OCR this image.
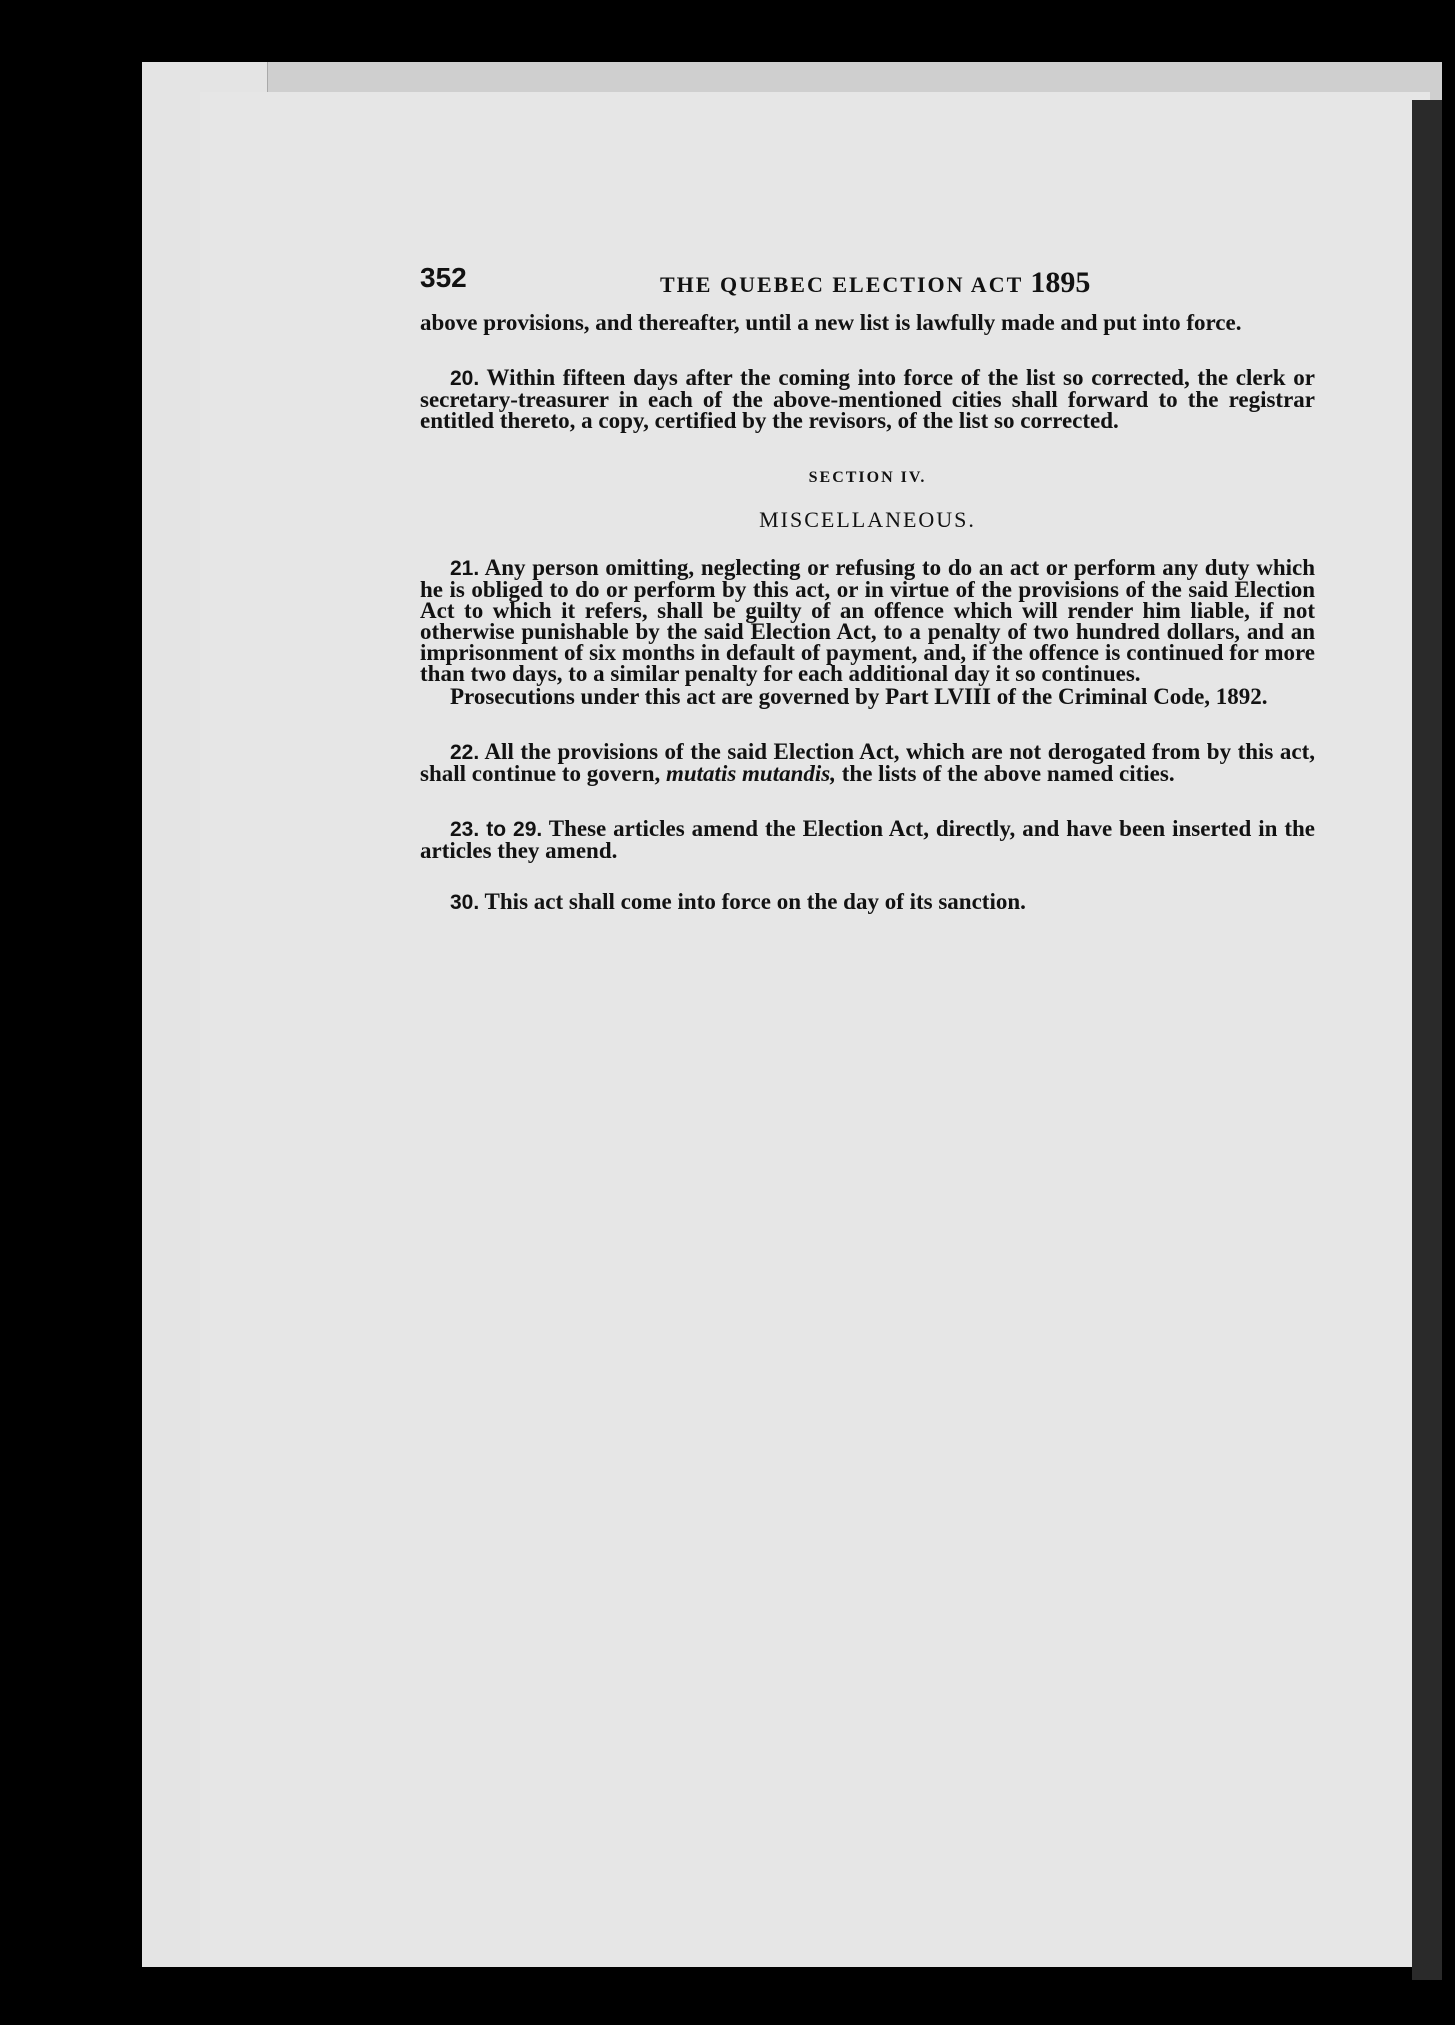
352	THE QUEBEC ELECTION ACT 1895

above provisions, and thereafter, until a new list is lawfully made and put into force.

20. Within fifteen days after the coming into force of the list so corrected, the clerk or secretary-treasurer in each of the above-mentioned cities shall forward to the registrar entitled thereto, a copy, certified by the revisors, of the list so corrected.

SECTION IV.
MISCELLANEOUS.

21. Any person omitting, neglecting or refusing to do an act or perform any duty which he is obliged to do or perform by this act, or in virtue of the provisions of the said Election Act to which it refers, shall be guilty of an offence which will render him liable, if not otherwise punishable by the said Election Act, to a penalty of two hundred dollars, and an imprisonment of six months in default of payment, and, if the offence is continued for more than two days, to a similar penalty for each additional day it so continues.

Prosecutions under this act are governed by Part LVIII of the Criminal Code, 1892.

22. All the provisions of the said Election Act, which are not derogated from by this act, shall continue to govern, mutatis mutandis, the lists of the above named cities.

23. to 29. These articles amend the Election Act, directly, and have been inserted in the articles they amend.

30. This act shall come into force on the day of its sanction.
